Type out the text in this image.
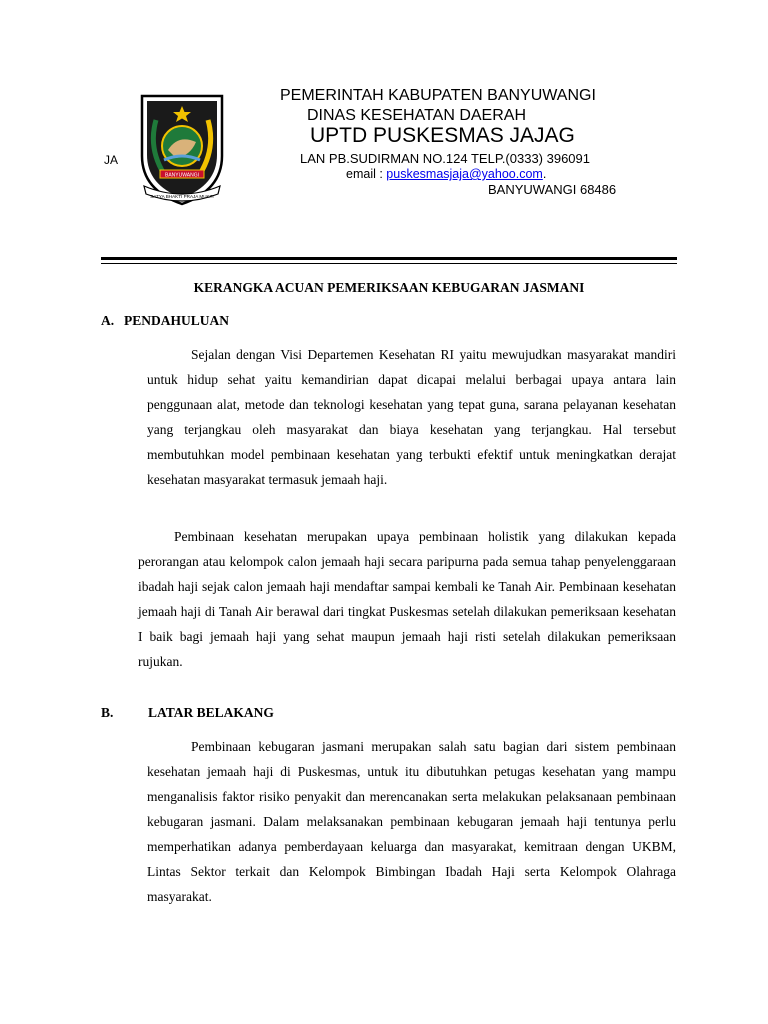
BANYUWANGI
SATYA BHAKTI PRAJA MUKTI
JA
PEMERINTAH KABUPATEN BANYUWANGI
DINAS KESEHATAN DAERAH
UPTD PUSKESMAS JAJAG
LAN PB.SUDIRMAN NO.124 TELP.(0333) 396091
email : puskesmasjaja@yahoo.com.
BANYUWANGI 68486
KERANGKA ACUAN PEMERIKSAAN KEBUGARAN JASMANI
A. PENDAHULUAN
Sejalan dengan Visi Departemen Kesehatan RI yaitu mewujudkan masyarakat mandiri untuk hidup sehat yaitu kemandirian dapat dicapai melalui berbagai upaya antara lain penggunaan alat, metode dan teknologi kesehatan yang tepat guna, sarana pelayanan kesehatan yang terjangkau oleh masyarakat dan biaya kesehatan yang terjangkau. Hal tersebut membutuhkan model pembinaan kesehatan yang terbukti efektif untuk meningkatkan derajat kesehatan masyarakat termasuk jemaah haji.
Pembinaan kesehatan merupakan upaya pembinaan holistik yang dilakukan kepada perorangan atau kelompok calon jemaah haji secara paripurna pada semua tahap penyelenggaraan ibadah haji sejak calon jemaah haji mendaftar sampai kembali ke Tanah Air. Pembinaan kesehatan jemaah haji di Tanah Air berawal dari tingkat Puskesmas setelah dilakukan pemeriksaan kesehatan I baik bagi jemaah haji yang sehat maupun jemaah haji risti setelah dilakukan pemeriksaan rujukan.
B.	LATAR BELAKANG
Pembinaan kebugaran jasmani merupakan salah satu bagian dari sistem pembinaan kesehatan jemaah haji di Puskesmas, untuk itu dibutuhkan petugas kesehatan yang mampu menganalisis faktor risiko penyakit dan merencanakan serta melakukan pelaksanaan pembinaan kebugaran jasmani. Dalam melaksanakan pembinaan kebugaran jemaah haji tentunya perlu memperhatikan adanya pemberdayaan keluarga dan masyarakat, kemitraan dengan UKBM, Lintas Sektor terkait dan Kelompok Bimbingan Ibadah Haji serta Kelompok Olahraga masyarakat.
